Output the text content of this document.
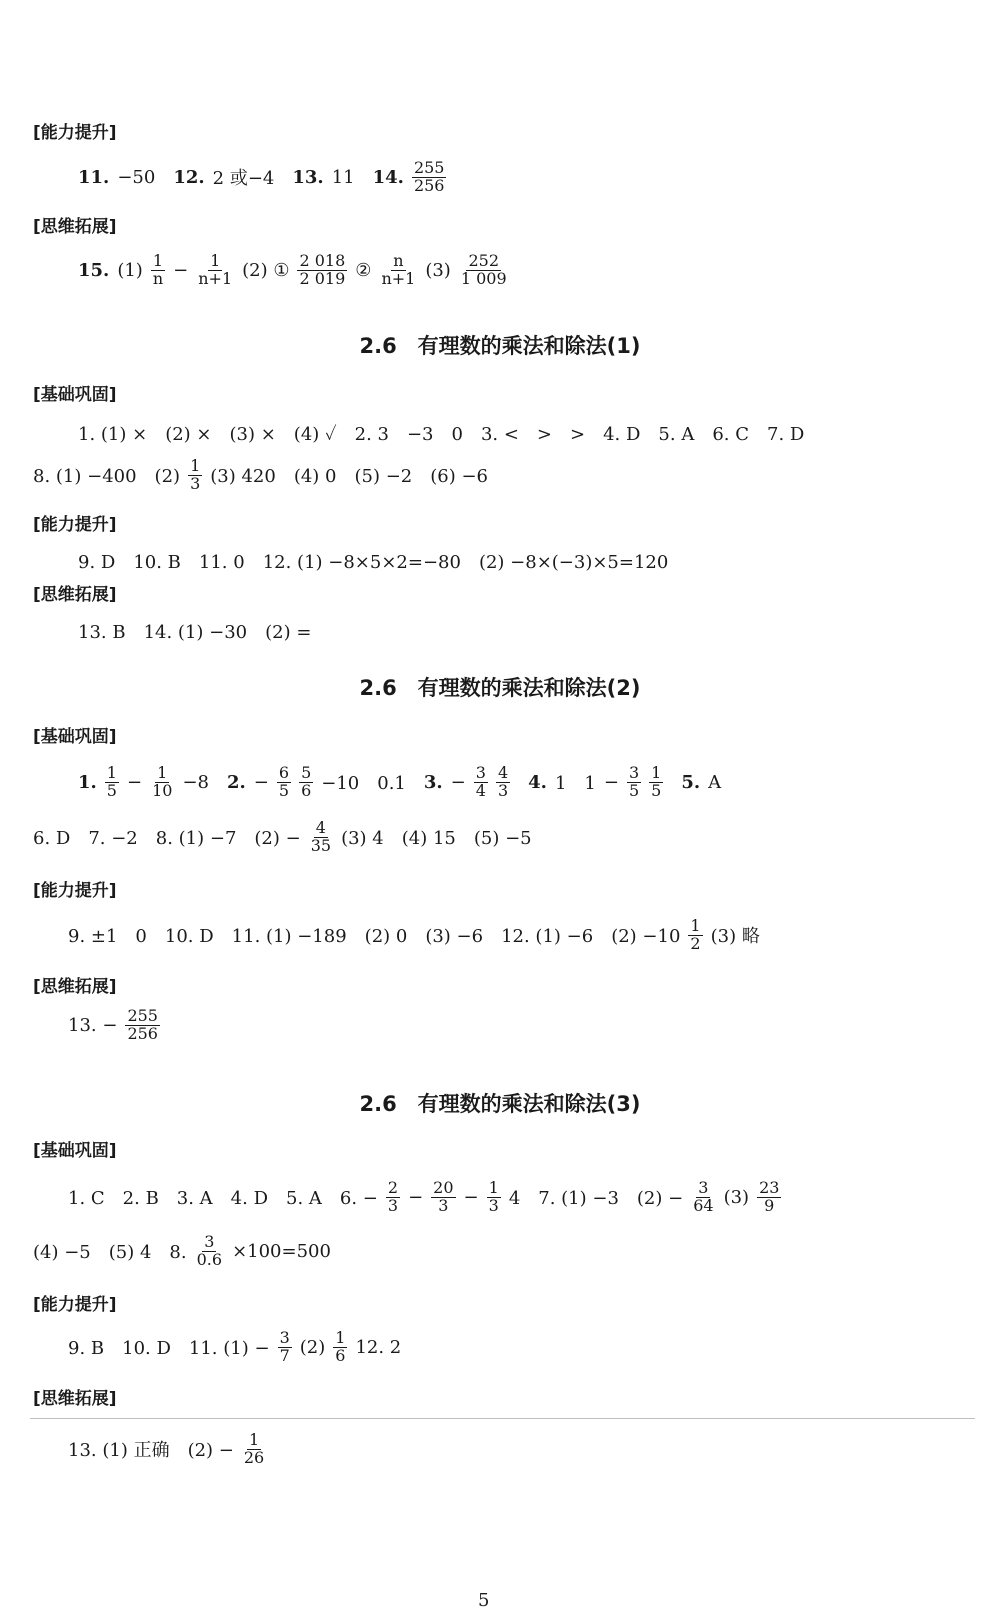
[能力提升]
11. −50 12. 2 或−4 13. 11 14. $\frac{255}{256}$
[思维拓展]
15. $(1) \frac{1}{n} - \frac{1}{n+1} (2)$ ① $\frac{2 018}{2 019}$ ② $\frac{n}{n+1} (3) \frac{252}{1 009}$
2.6　有理数的乘法和除法(1)
[基础巩固]
1. (1) ×　(2) ×　(3) ×　(4) ✓　2. 3　−3　0　3. <　>　>　4. D　5. A　6. C　7. D
8. (1) −400　$(2) \frac{1}{3} (3)$ 420　(4) 0　(5) −2　(6) −6
[能力提升]
9. D　10. B　11. 0　12. (1) −8×5×2=−80　(2) −8×(−3)×5=120
[思维拓展]
13. B　14. (1) −30　(2) =
2.6　有理数的乘法和除法(2)
[基础巩固]
1. $\frac{1}{5} - \frac{1}{10} -8$ 2. − $\frac{6}{5} \frac{5}{6} -10$　0.1 3. − $\frac{3}{4} \frac{4}{3} 4$. 1　$1 - \frac{3}{5} \frac{1}{5} 5$. A
6. D　7. −2　8. (1) −7　$(2) - \frac{4}{35} (3)$ 4　(4) 15　(5) −5
[能力提升]
9. ±1　0　10. D　11. (1) −189　(2) 0　(3) −6　12. (1) −6　$(2) -10 \frac{1}{2} (3)$ 略
[思维拓展]
13. − $\frac{255}{256}$
2.6　有理数的乘法和除法(3)
[基础巩固]
1. C　2. B　3. A　4. D　5. A　6. − $\frac{2}{3} - \frac{20}{3} - \frac{1}{3} 4$　7. (1) −3　$(2) - \frac{3}{64} (3) \frac{23}{9}$
(4) −5　(5) 4　8. $\frac{3}{0.6} \times 100=500$
[能力提升]
9. B　10. D　11. $(1) - \frac{3}{7} (2) \frac{1}{6} 12$. 2
[思维拓展]
13. (1) 正确　$(2) - \frac{1}{26}$
5
